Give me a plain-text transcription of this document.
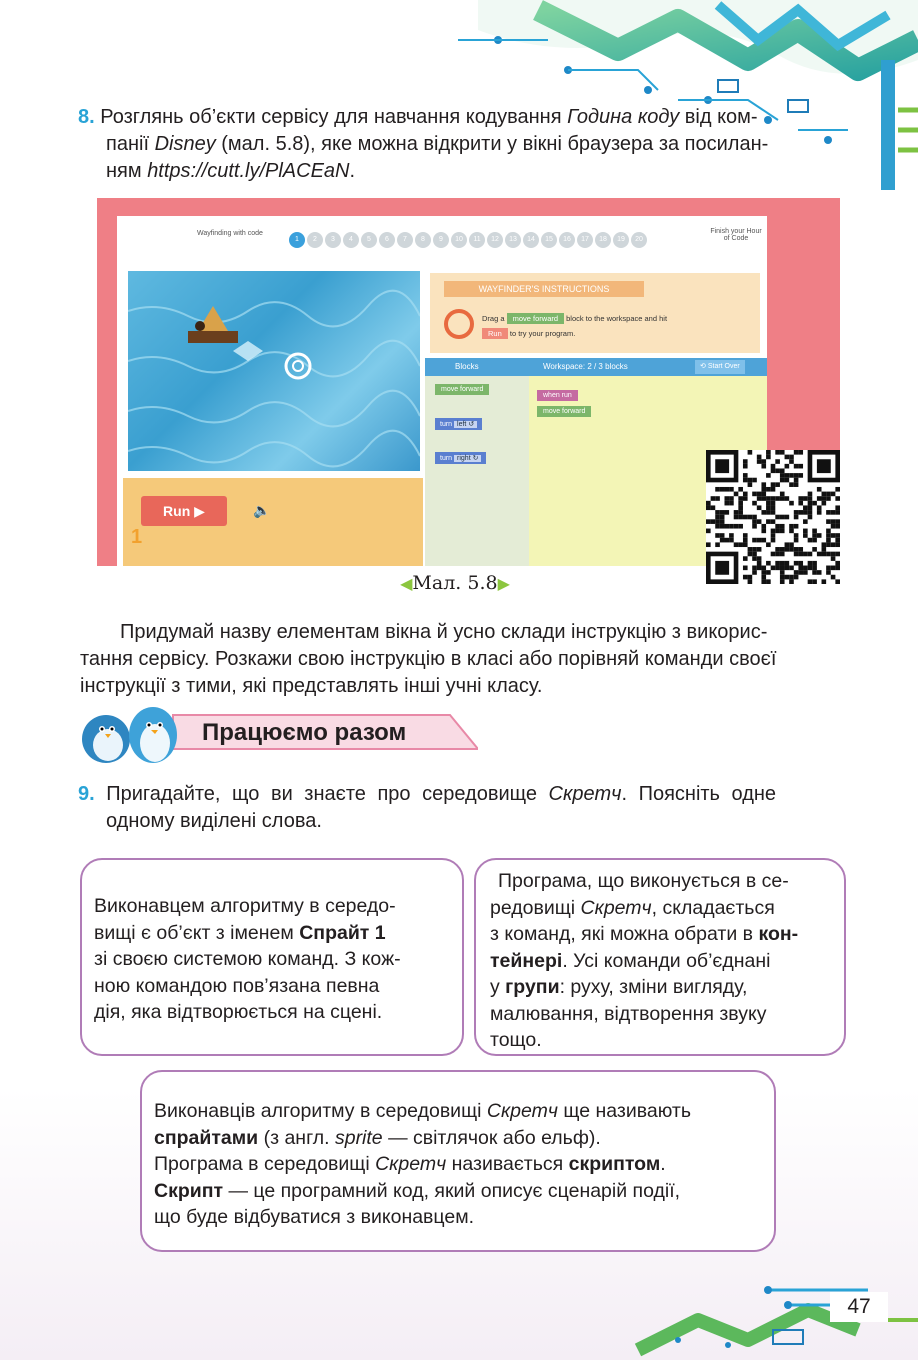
8. Розглянь об’єкти сервісу для навчання кодування Година коду від ком-
панії Disney (мал. 5.8), яке можна відкрити у вікні браузера за посилан-
ням https://cutt.ly/PlACEaN.
Wayfinding with code
1	2	3	4	5	6	7	8	9	10	11	12	13	14	15	16	17	18	19	20
Finish your Hour of Code
Run ▶	🔈
1
WAYFINDER'S INSTRUCTIONS
Drag a move forward block to the workspace and hit
Run to try your program.
Blocks	Workspace: 2 / 3 blocks	⟲ Start Over
move forward
turn left ↺
turn right ↻
when run
move forward
◀Мал. 5.8▶
Придумай назву елементам вікна й усно склади інструкцію з викорис-
тання сервісу. Розкажи свою інструкцію в класі або порівняй команди своєї
інструкції з тими, які представлять інші учні класу.
Працюємо разом
9. Пригадайте, що ви знаєте про середовище Скретч. Поясніть одне
одному виділені слова.
Виконавцем алгоритму в середо-
вищі є об’єкт з іменем Спрайт 1
зі своєю системою команд. З кож-
ною командою пов’язана певна
дія, яка відтворюється на сцені.
Програма, що виконується в се-
редовищі Скретч, складається
з команд, які можна обрати в кон-
тейнері. Усі команди об’єднані
у групи: руху, зміни вигляду,
малювання, відтворення звуку
тощо.
Виконавців алгоритму в середовищі Скретч ще називають
спрайтами (з англ. sprite — світлячок або ельф).
Програма в середовищі Скретч називається скриптом.
Скрипт — це програмний код, який описує сценарій події,
що буде відбуватися з виконавцем.
47
